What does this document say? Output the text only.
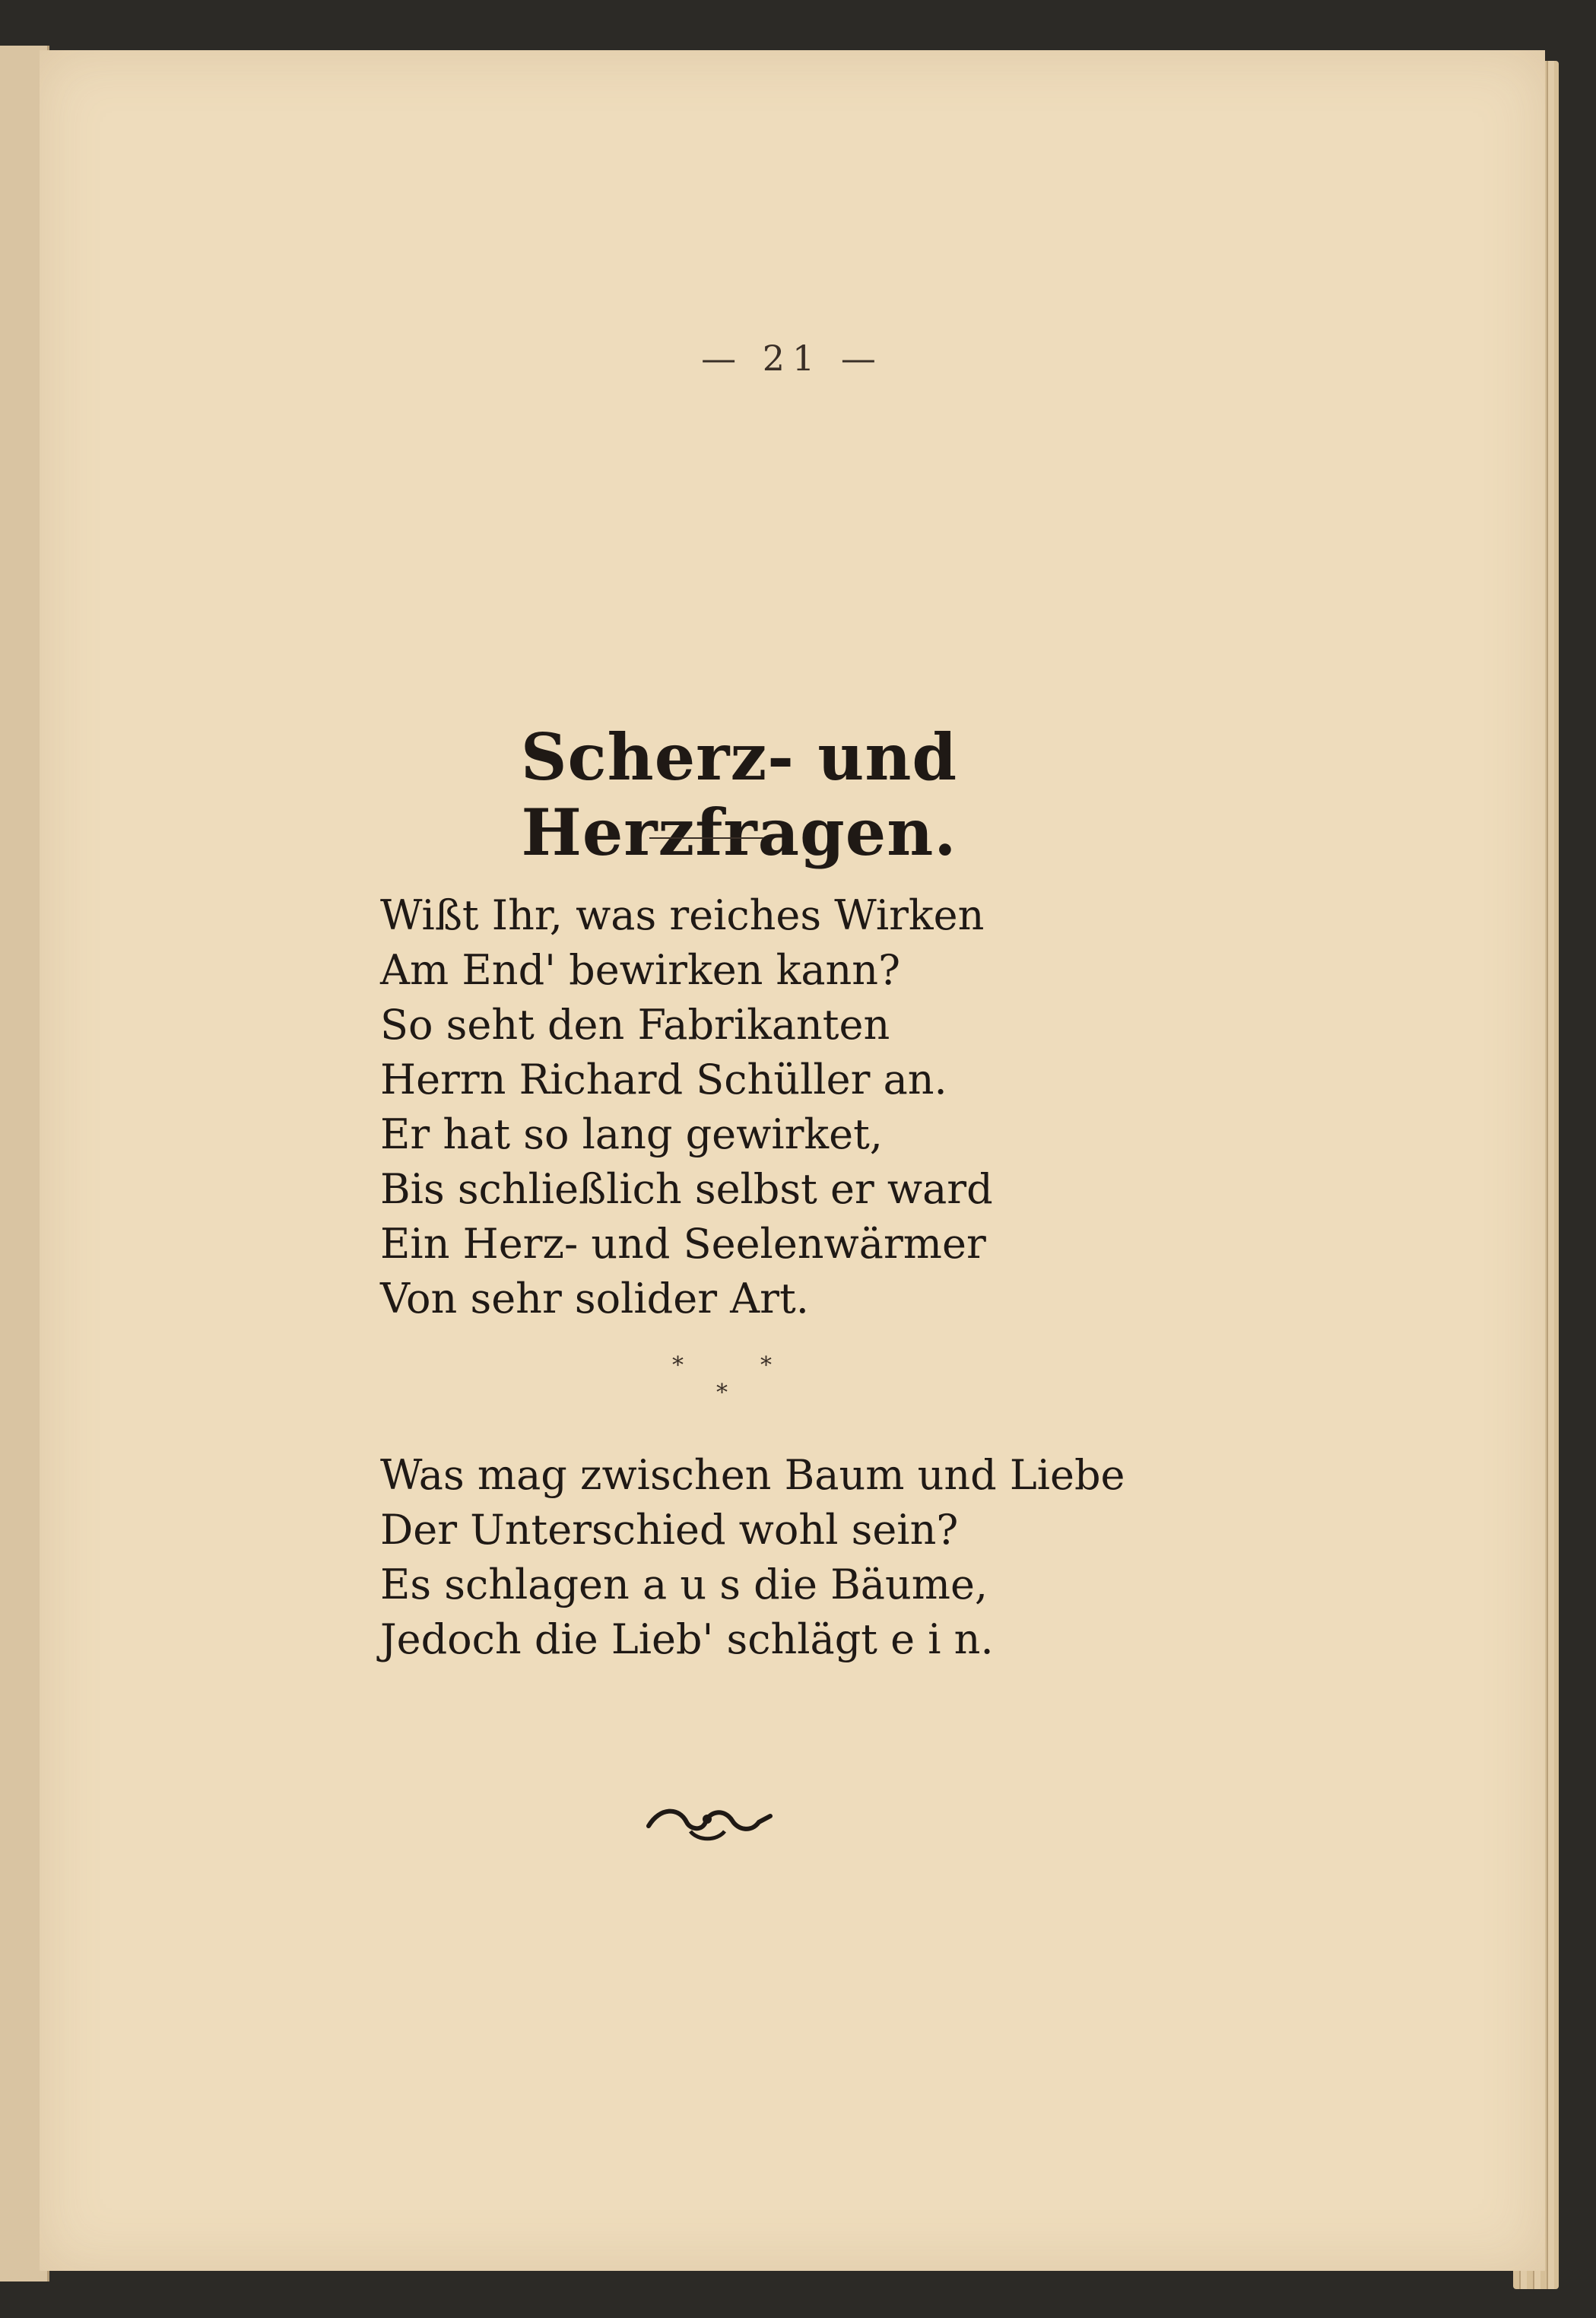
— 21 —
Scherz- und Herzfragen.
Wißt Ihr, was reiches Wirken
Am End' bewirken kann?
So seht den Fabrikanten
Herrn Richard Schüller an.
Er hat so lang gewirket,
Bis schließlich selbst er ward
Ein Herz- und Seelenwärmer
Von sehr solider Art.
*	*
*
Was mag zwischen Baum und Liebe
Der Unterschied wohl sein?
Es schlagen a u s die Bäume,
Jedoch die Lieb' schlägt e i n.
